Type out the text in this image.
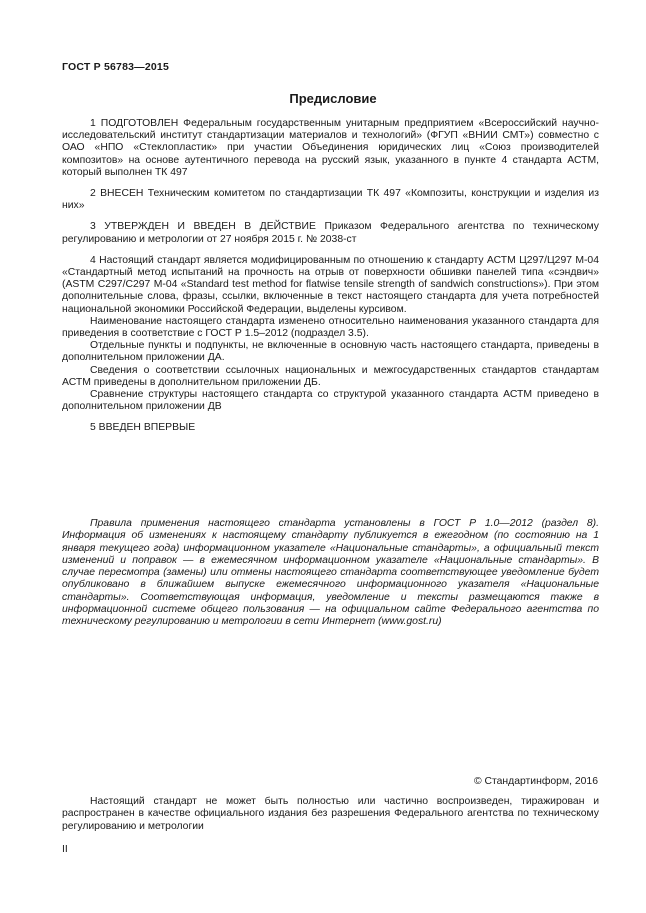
ГОСТ Р 56783—2015
Предисловие

1 ПОДГОТОВЛЕН Федеральным государственным унитарным предприятием «Всероссийский научно-исследовательский институт стандартизации материалов и технологий» (ФГУП «ВНИИ СМТ») совместно с ОАО «НПО «Стеклопластик» при участии Объединения юридических лиц «Союз производителей композитов» на основе аутентичного перевода на русский язык, указанного в пункте 4 стандарта АСТМ, который выполнен ТК 497

2 ВНЕСЕН Техническим комитетом по стандартизации ТК 497 «Композиты, конструкции и изделия из них»

3 УТВЕРЖДЕН И ВВЕДЕН В ДЕЙСТВИЕ Приказом Федерального агентства по техническому регулированию и метрологии от 27 ноября 2015 г. № 2038-ст

4 Настоящий стандарт является модифицированным по отношению к стандарту АСТМ Ц297/Ц297 М-04 «Стандартный метод испытаний на прочность на отрыв от поверхности обшивки панелей типа «сэндвич» (ASTM C297/C297 M-04 «Standard test method for flatwise tensile strength of sandwich constructions»). При этом дополнительные слова, фразы, ссылки, включенные в текст настоящего стандарта для учета потребностей национальной экономики Российской Федерации, выделены курсивом.

Наименование настоящего стандарта изменено относительно наименования указанного стандарта для приведения в соответствие с ГОСТ Р 1.5–2012 (подраздел 3.5).

Отдельные пункты и подпункты, не включенные в основную часть настоящего стандарта, приведены в дополнительном приложении ДА.

Сведения о соответствии ссылочных национальных и межгосударственных стандартов стандартам АСТМ приведены в дополнительном приложении ДБ.

Сравнение структуры настоящего стандарта со структурой указанного стандарта АСТМ приведено в дополнительном приложении ДВ

5 ВВЕДЕН ВПЕРВЫЕ

Правила применения настоящего стандарта установлены в ГОСТ Р 1.0—2012 (раздел 8). Информация об изменениях к настоящему стандарту публикуется в ежегодном (по состоянию на 1 января текущего года) информационном указателе «Национальные стандарты», а официальный текст изменений и поправок — в ежемесячном информационном указателе «Национальные стандарты». В случае пересмотра (замены) или отмены настоящего стандарта соответствующее уведомление будет опубликовано в ближайшем выпуске ежемесячного информационного указателя «Национальные стандарты». Соответствующая информация, уведомление и тексты размещаются также в информационной системе общего пользования — на официальном сайте Федерального агентства по техническому регулированию и метрологии в сети Интернет (www.gost.ru)

© Стандартинформ, 2016

Настоящий стандарт не может быть полностью или частично воспроизведен, тиражирован и распространен в качестве официального издания без разрешения Федерального агентства по техническому регулированию и метрологии

II
